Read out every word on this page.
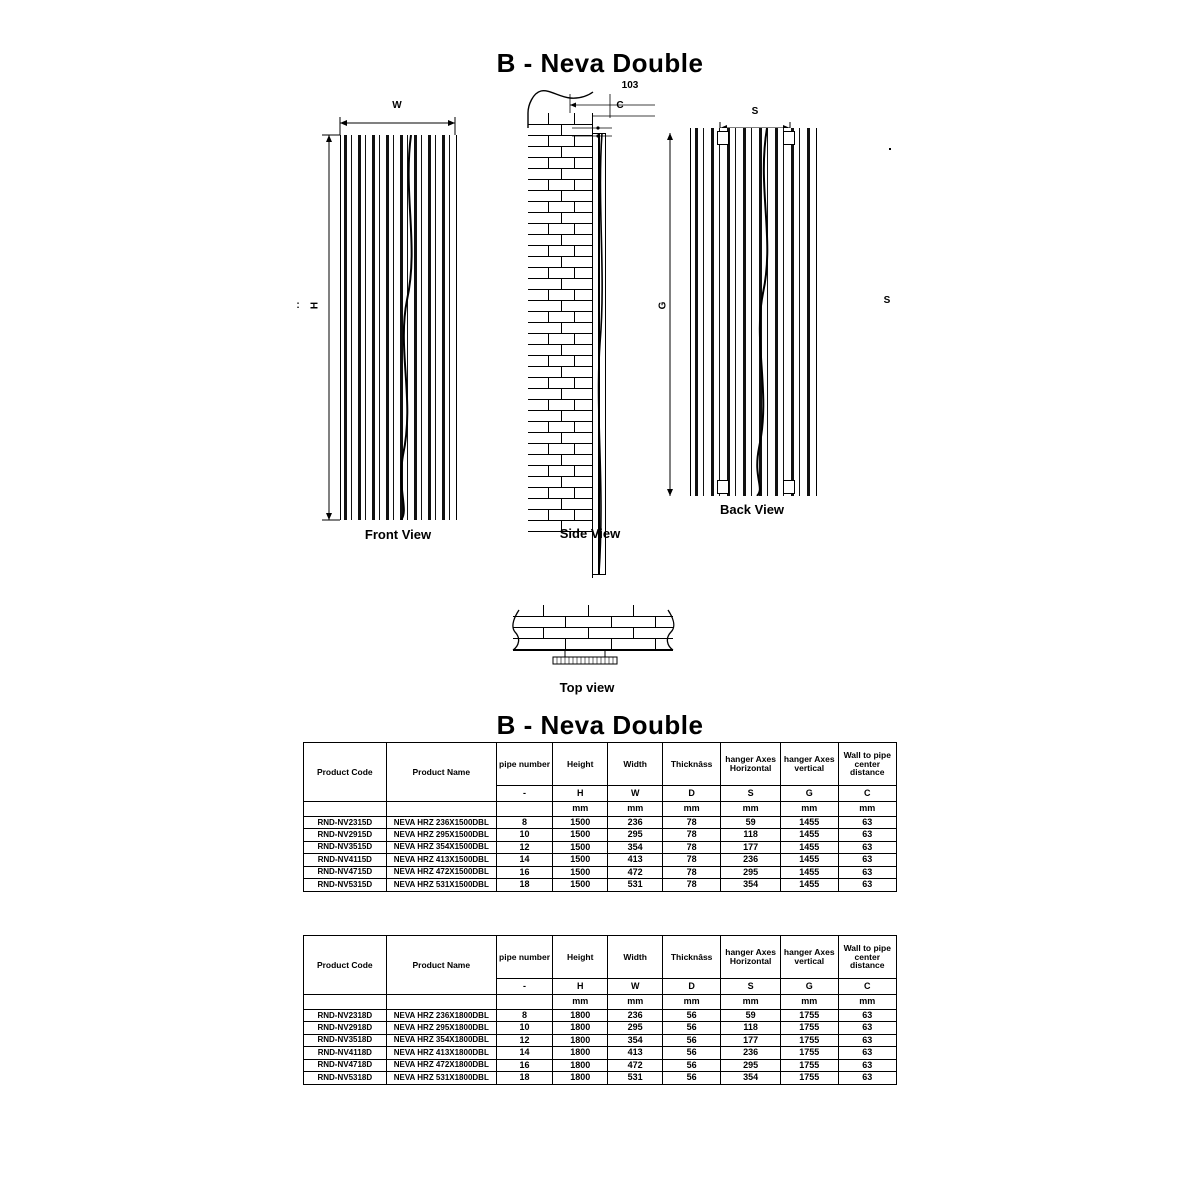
B - Neva Double
B - Neva Double
W
H
:
Front View
103
C
Side View
S
G
Back View
S
Top view
Product Code	Product Name	pipe number	Height	Width	Thicknâss	hanger Axes Horizontal	hanger Axes vertical	Wall to pipe center distance
		-	H	W	D	S	G	C
			mm	mm	mm	mm	mm	mm
RND-NV2315D	NEVA HRZ 236X1500DBL	8	1500	236	78	59	1455	63
RND-NV2915D	NEVA HRZ 295X1500DBL	10	1500	295	78	118	1455	63
RND-NV3515D	NEVA HRZ 354X1500DBL	12	1500	354	78	177	1455	63
RND-NV4115D	NEVA HRZ 413X1500DBL	14	1500	413	78	236	1455	63
RND-NV4715D	NEVA HRZ 472X1500DBL	16	1500	472	78	295	1455	63
RND-NV5315D	NEVA HRZ 531X1500DBL	18	1500	531	78	354	1455	63
Product Code	Product Name	pipe number	Height	Width	Thicknâss	hanger Axes Horizontal	hanger Axes vertical	Wall to pipe center distance
		-	H	W	D	S	G	C
			mm	mm	mm	mm	mm	mm
RND-NV2318D	NEVA HRZ 236X1800DBL	8	1800	236	56	59	1755	63
RND-NV2918D	NEVA HRZ 295X1800DBL	10	1800	295	56	118	1755	63
RND-NV3518D	NEVA HRZ 354X1800DBL	12	1800	354	56	177	1755	63
RND-NV4118D	NEVA HRZ 413X1800DBL	14	1800	413	56	236	1755	63
RND-NV4718D	NEVA HRZ 472X1800DBL	16	1800	472	56	295	1755	63
RND-NV5318D	NEVA HRZ 531X1800DBL	18	1800	531	56	354	1755	63
